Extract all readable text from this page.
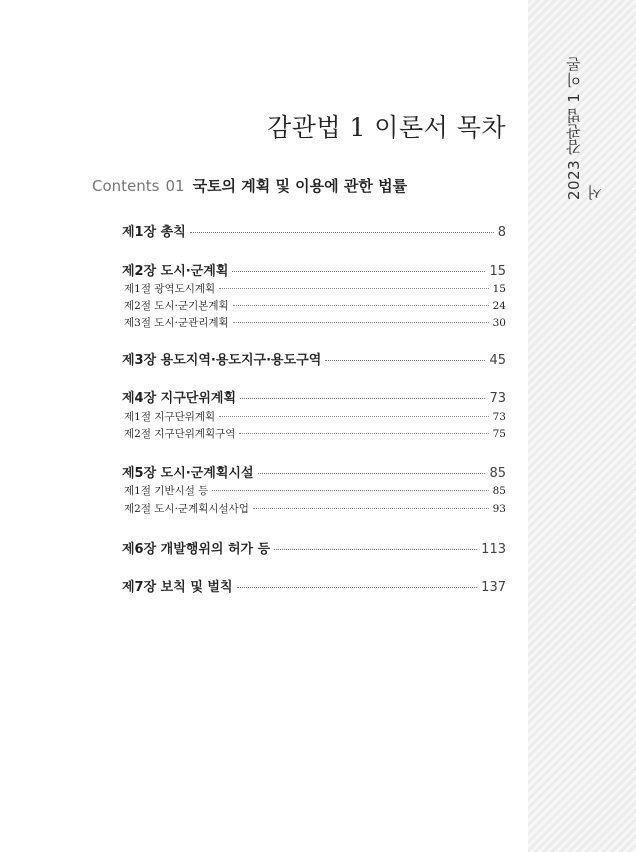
2023 감관법 1 이론서
감관법 1 이론서 목차
Contents 01 국토의 계획 및 이용에 관한 법률
제1장 총칙	8
제2장 도시·군계획	15
제1절 광역도시계획	15
제2절 도시·군기본계획	24
제3절 도시·군관리계획	30
제3장 용도지역·용도지구·용도구역	45
제4장 지구단위계획	73
제1절 지구단위계획	73
제2절 지구단위계획구역	75
제5장 도시·군계획시설	85
제1절 기반시설 등	85
제2절 도시·군계획시설사업	93
제6장 개발행위의 허가 등	113
제7장 보칙 및 벌칙	137
